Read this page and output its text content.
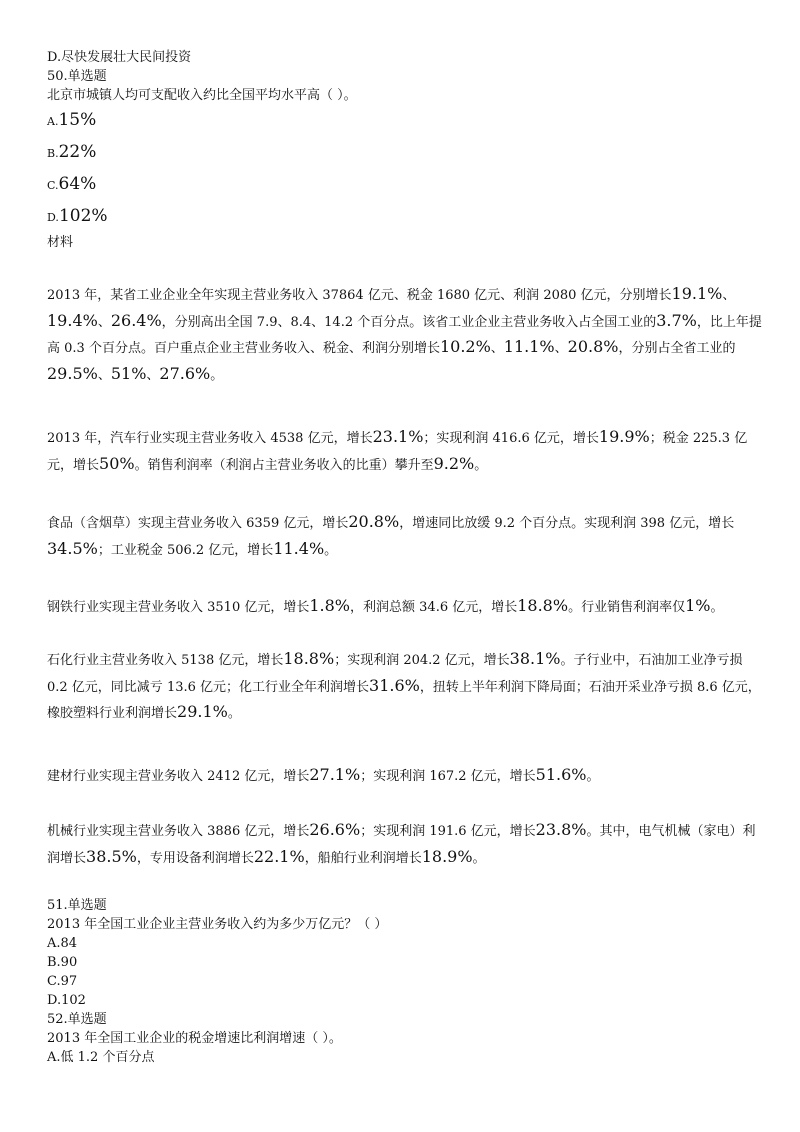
D.尽快发展壮大民间投资
50.单选题
北京市城镇人均可支配收入约比全国平均水平高（ ）。
A.15%
B.22%
C.64%
D.102%
材料
2013 年，某省工业企业全年实现主营业务收入 37864 亿元、税金 1680 亿元、利润 2080 亿元，分别增长19.1%、19.4%、26.4%，分别高出全国 7.9、8.4、14.2 个百分点。该省工业企业主营业务收入占全国工业的3.7%，比上年提高 0.3 个百分点。百户重点企业主营业务收入、税金、利润分别增长10.2%、11.1%、20.8%，分别占全省工业的29.5%、51%、27.6%。
2013 年，汽车行业实现主营业务收入 4538 亿元，增长23.1%；实现利润 416.6 亿元，增长19.9%；税金 225.3 亿元，增长50%。销售利润率（利润占主营业务收入的比重）攀升至9.2%。
食品（含烟草）实现主营业务收入 6359 亿元，增长20.8%，增速同比放缓 9.2 个百分点。实现利润 398 亿元，增长34.5%；工业税金 506.2 亿元，增长11.4%。
钢铁行业实现主营业务收入 3510 亿元，增长1.8%，利润总额 34.6 亿元，增长18.8%。行业销售利润率仅1%。
石化行业主营业务收入 5138 亿元，增长18.8%；实现利润 204.2 亿元，增长38.1%。子行业中，石油加工业净亏损 0.2 亿元，同比减亏 13.6 亿元；化工行业全年利润增长31.6%，扭转上半年利润下降局面；石油开采业净亏损 8.6 亿元，橡胶塑料行业利润增长29.1%。
建材行业实现主营业务收入 2412 亿元，增长27.1%；实现利润 167.2 亿元，增长51.6%。
机械行业实现主营业务收入 3886 亿元，增长26.6%；实现利润 191.6 亿元，增长23.8%。其中，电气机械（家电）利润增长38.5%，专用设备利润增长22.1%，船舶行业利润增长18.9%。
51.单选题
2013 年全国工业企业主营业务收入约为多少万亿元？（ ）
A.84
B.90
C.97
D.102
52.单选题
2013 年全国工业企业的税金增速比利润增速（ ）。
A.低 1.2 个百分点
